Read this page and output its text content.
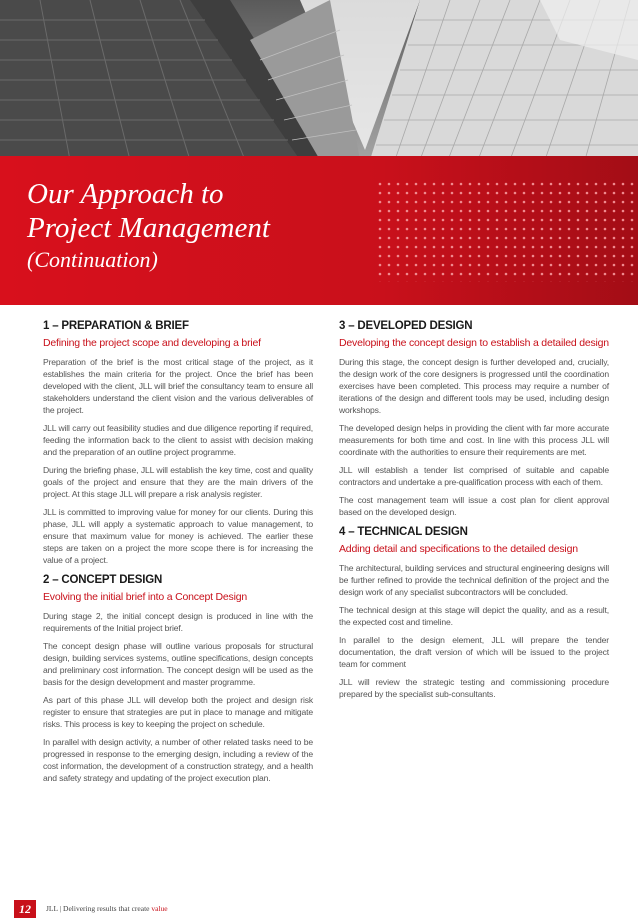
Our Approach to
Project Management
(Continuation)
1 – PREPARATION & BRIEF
Defining the project scope and developing a brief

Preparation of the brief is the most critical stage of the project, as it establishes the main criteria for the project. Once the brief has been developed with the client, JLL will brief the consultancy team to ensure all stakeholders understand the client vision and the various deliverables of the project.

JLL will carry out feasibility studies and due diligence reporting if required, feeding the information back to the client to assist with decision making and the preparation of an outline project programme.

During the briefing phase, JLL will establish the key time, cost and quality goals of the project and ensure that they are the main drivers of the project. At this stage JLL will prepare a risk analysis register.

JLL is committed to improving value for money for our clients. During this phase, JLL will apply a systematic approach to value management, to ensure that maximum value for money is achieved. The earlier these steps are taken on a project the more scope there is for increasing the value of a project.

2 – CONCEPT DESIGN
Evolving the initial brief into a Concept Design

During stage 2, the initial concept design is produced in line with the requirements of the Initial project brief.

The concept design phase will outline various proposals for structural design, building services systems, outline specifications, design concepts and preliminary cost information. The concept design will be used as the basis for the design development and master programme.

As part of this phase JLL will develop both the project and design risk register to ensure that strategies are put in place to manage and mitigate risks. This process is key to keeping the project on schedule.

In parallel with design activity, a number of other related tasks need to be progressed in response to the emerging design, including a review of the cost information, the development of a construction strategy, and a health and safety strategy and updating of the project execution plan.

3 – DEVELOPED DESIGN
Developing the concept design to establish a detailed design

During this stage, the concept design is further developed and, crucially, the design work of the core designers is progressed until the coordination exercises have been completed. This process may require a number of iterations of the design and different tools may be used, including design workshops.

The developed design helps in providing the client with far more accurate measurements for both time and cost. In line with this process JLL will coordinate with the authorities to ensure their requirements are met.

JLL will establish a tender list comprised of suitable and capable contractors and undertake a pre-qualification process with each of them.

The cost management team will issue a cost plan for client approval based on the developed design.

4 – TECHNICAL DESIGN
Adding detail and specifications to the detailed design

The architectural, building services and structural engineering designs will be further refined to provide the technical definition of the project and the design work of any specialist subcontractors will be concluded.

The technical design at this stage will depict the quality, and as a result, the expected cost and timeline.

In parallel to the design element, JLL will prepare the tender documentation, the draft version of which will be issued to the project team for comment

JLL will review the strategic testing and commissioning procedure prepared by the specialist sub-consultants.

12	JLL | Delivering results that create value
